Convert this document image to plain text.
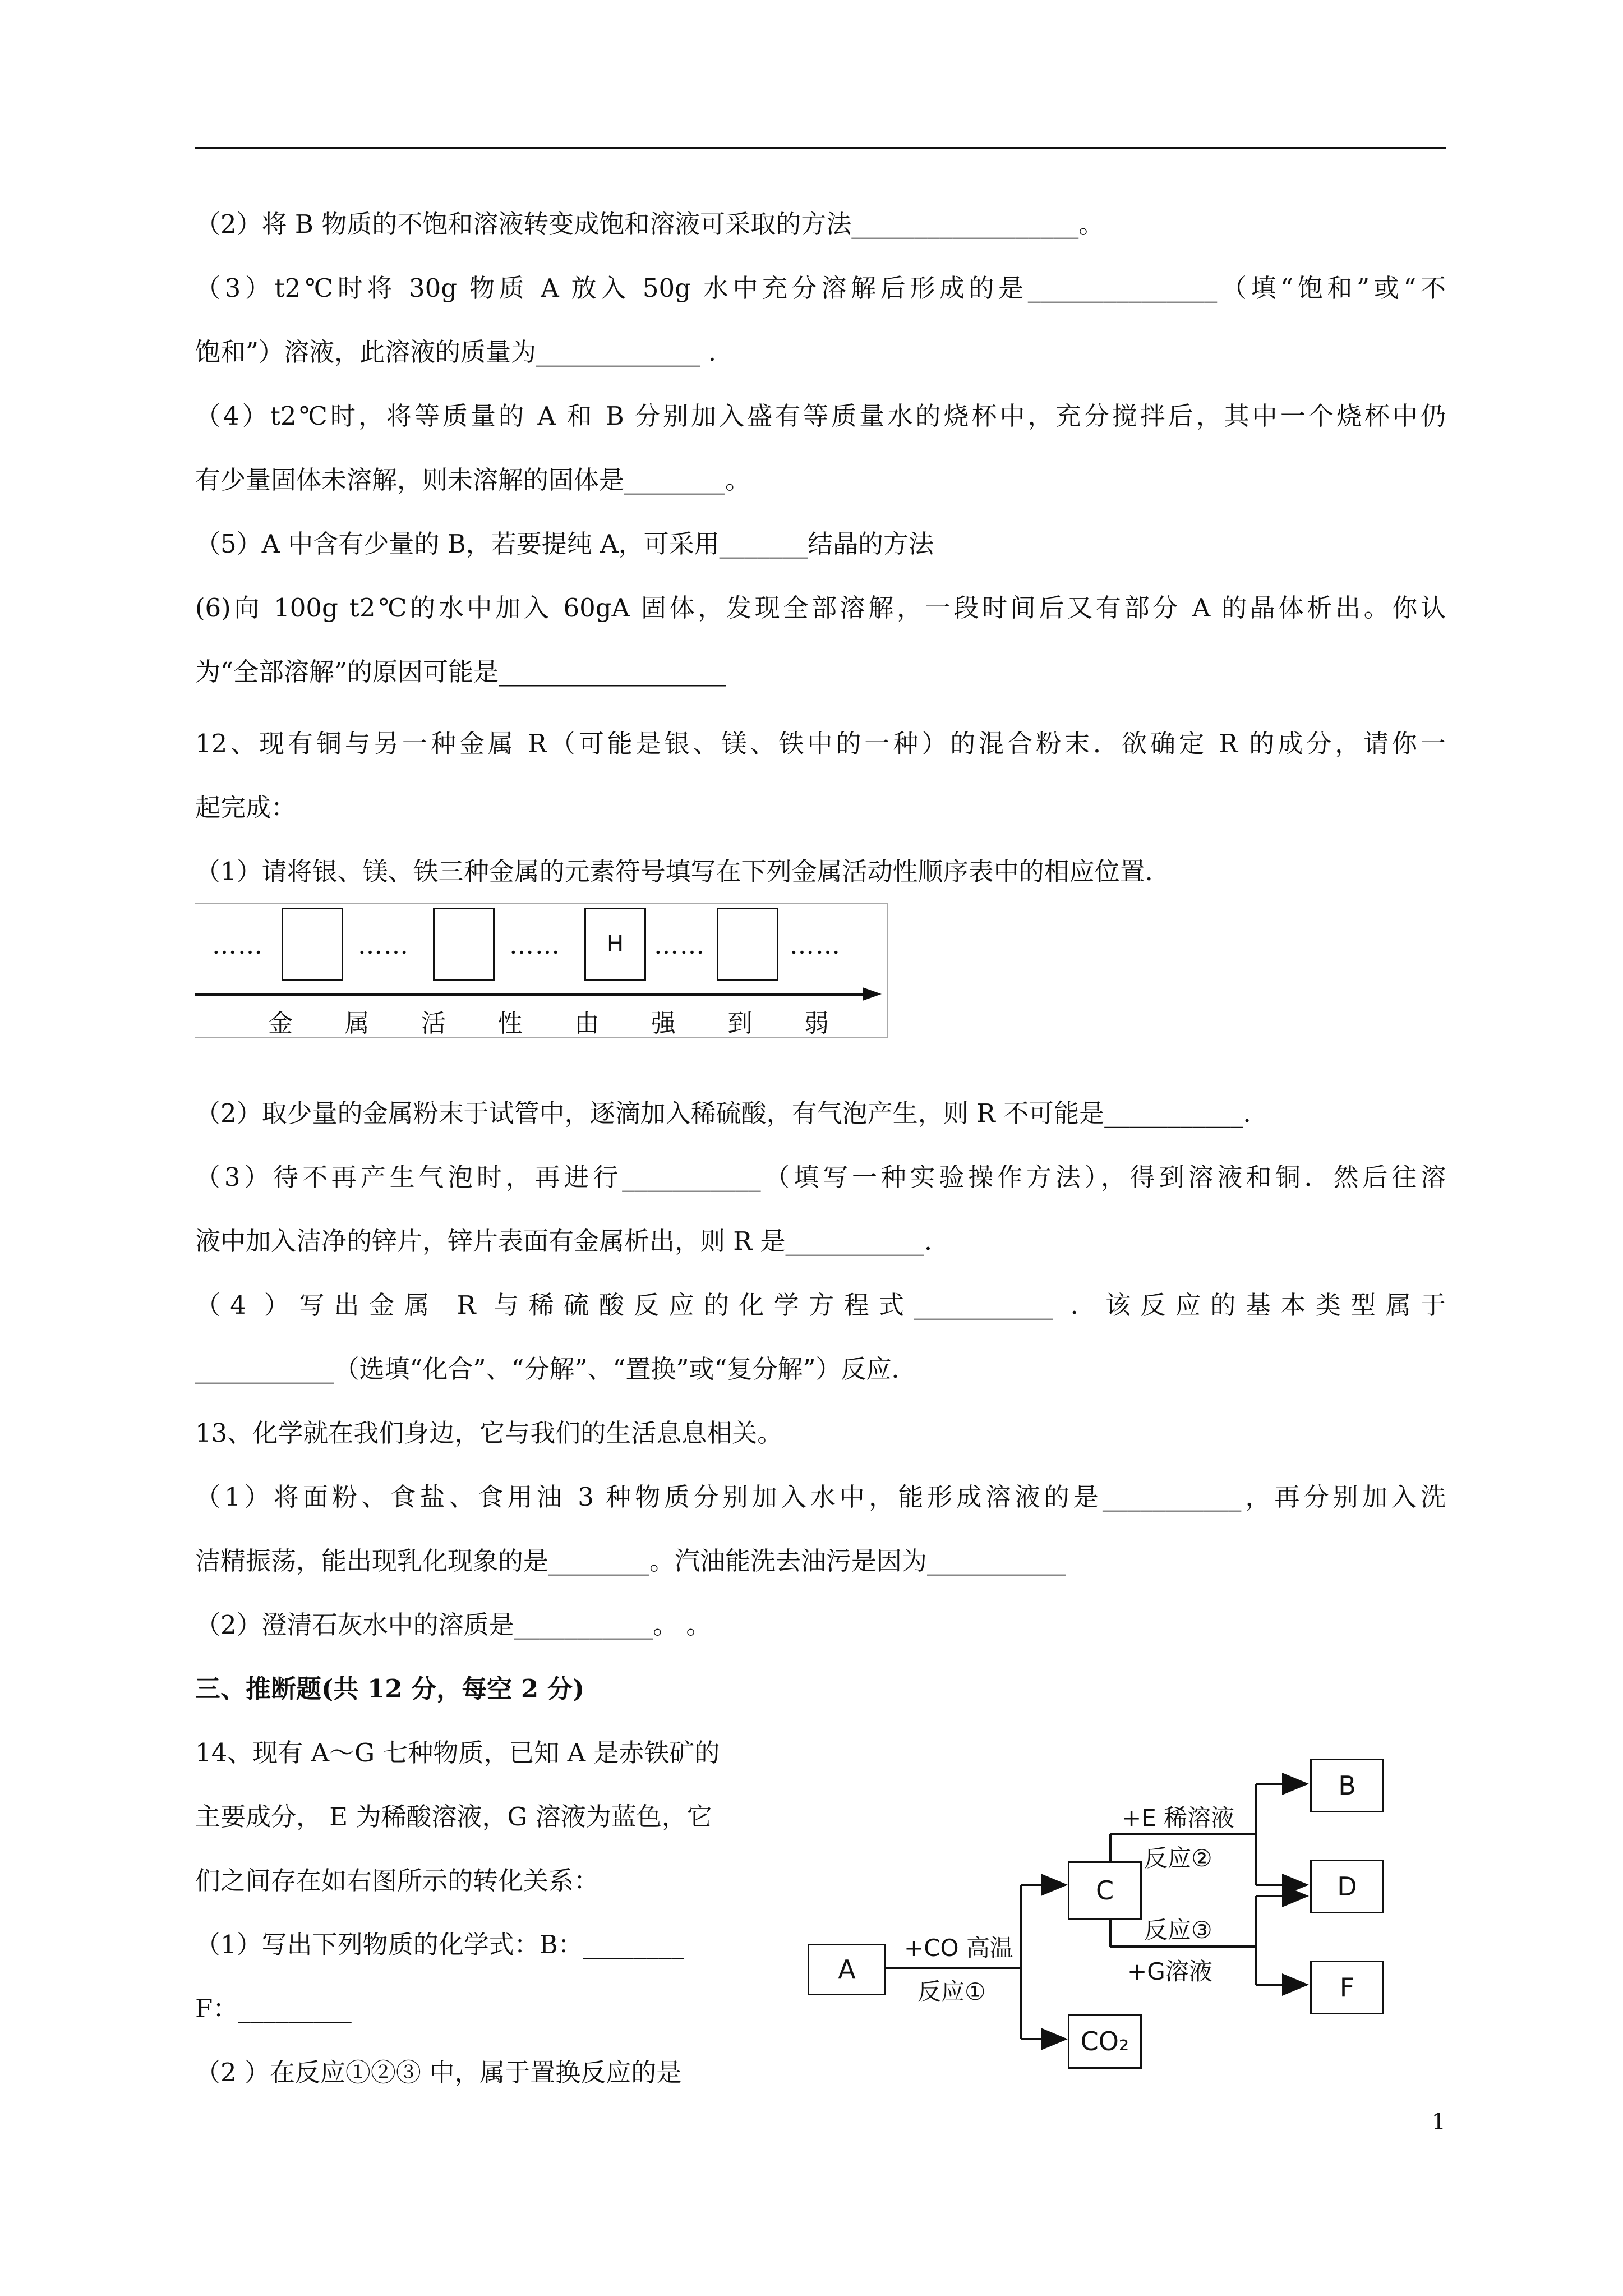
（2）将 B 物质的不饱和溶液转变成饱和溶液可采取的方法__________________。
（3）t2℃时将 30g 物质 A 放入 50g 水中充分溶解后形成的是_______________（填“饱和”或“不
饱和”）溶液，此溶液的质量为_____________ .
（4）t2℃时，将等质量的 A 和 B 分别加入盛有等质量水的烧杯中，充分搅拌后，其中一个烧杯中仍
有少量固体未溶解，则未溶解的固体是________。
（5）A 中含有少量的 B，若要提纯 A，可采用_______结晶的方法
(6)向 100g t2℃的水中加入 60gA 固体，发现全部溶解，一段时间后又有部分 A 的晶体析出。你认
为“全部溶解”的原因可能是__________________
12、现有铜与另一种金属 R（可能是银、镁、铁中的一种）的混合粉末．欲确定 R 的成分，请你一
起完成：
（1）请将银、镁、铁三种金属的元素符号填写在下列金属活动性顺序表中的相应位置．
……	……	……	H	……	……
金 属 活 性 由 强 到 弱
（2）取少量的金属粉末于试管中，逐滴加入稀硫酸，有气泡产生，则 R 不可能是___________．
（3）待不再产生气泡时，再进行___________（填写一种实验操作方法），得到溶液和铜．然后往溶
液中加入洁净的锌片，锌片表面有金属析出，则 R 是___________．
（4 ）写出金属 R 与稀硫酸反应的化学方程式___________ ．该反应的基本类型属于
___________（选填“化合”、“分解”、“置换”或“复分解”）反应．
13、化学就在我们身边，它与我们的生活息息相关。
（1）将面粉、食盐、食用油 3 种物质分别加入水中，能形成溶液的是___________，再分别加入洗
洁精振荡，能出现乳化现象的是________。汽油能洗去油污是因为___________
（2）澄清石灰水中的溶质是___________。 。
三、推断题(共 12 分，每空 2 分)
14、现有 A～G 七种物质，已知 A 是赤铁矿的
主要成分， E 为稀酸溶液，G 溶液为蓝色，它
们之间存在如右图所示的转化关系：
（1）写出下列物质的化学式：B：________
F：_________
（2 ）在反应①②③ 中，属于置换反应的是
A
C
B
D
F
CO₂
+CO 高温
反应①
+E 稀溶液
反应②
反应③
+G溶液
1
